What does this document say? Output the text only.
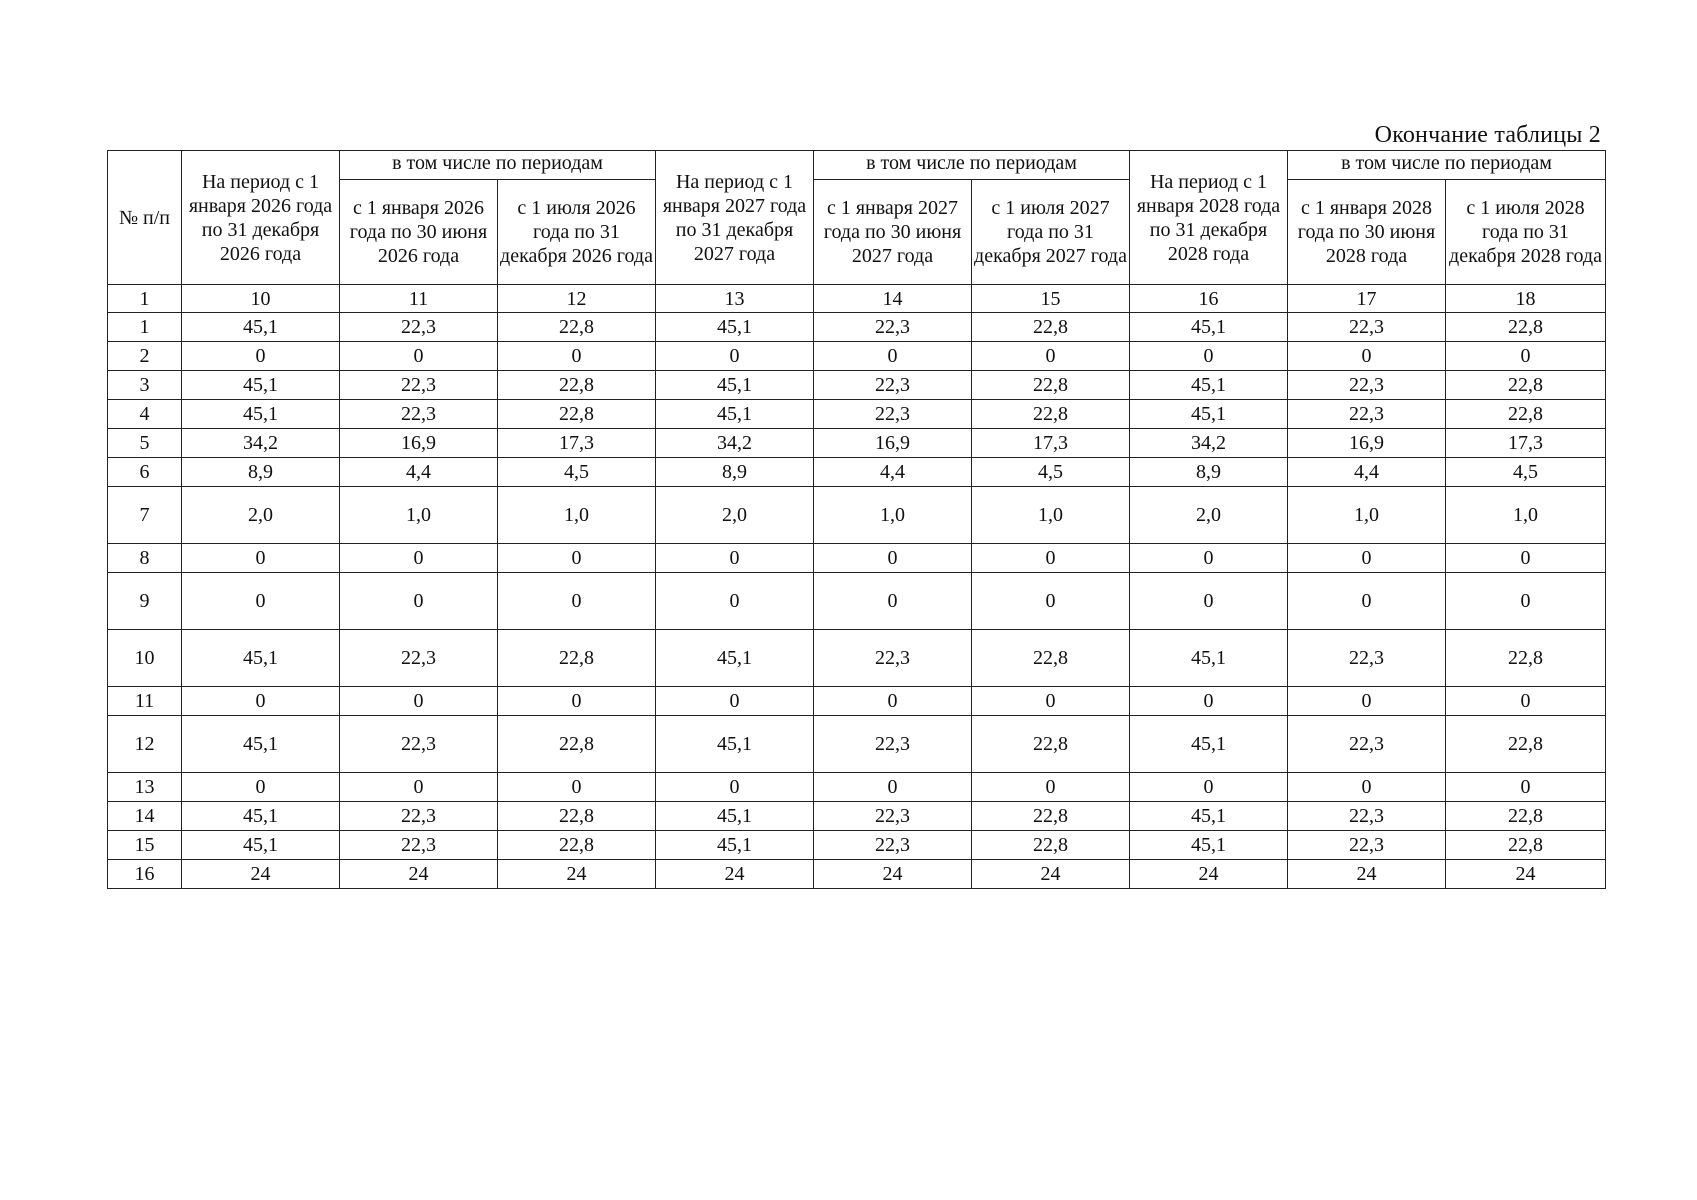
Окончание таблицы 2
№ п/п	На период с 1 января 2026 года по 31 декабря 2026 года	в том числе по периодам		На период с 1 января 2027 года по 31 декабря 2027 года	в том числе по периодам		На период с 1 января 2028 года по 31 декабря 2028 года	в том числе по периодам	
		с 1 января 2026 года по 30 июня 2026 года	с 1 июля 2026 года по 31 декабря 2026 года		с 1 января 2027 года по 30 июня 2027 года	с 1 июля 2027 года по 31 декабря 2027 года		с 1 января 2028 года по 30 июня 2028 года	с 1 июля 2028 года по 31 декабря 2028 года
1	10	11	12	13	14	15	16	17	18
1	45,1	22,3	22,8	45,1	22,3	22,8	45,1	22,3	22,8
2	0	0	0	0	0	0	0	0	0
3	45,1	22,3	22,8	45,1	22,3	22,8	45,1	22,3	22,8
4	45,1	22,3	22,8	45,1	22,3	22,8	45,1	22,3	22,8
5	34,2	16,9	17,3	34,2	16,9	17,3	34,2	16,9	17,3
6	8,9	4,4	4,5	8,9	4,4	4,5	8,9	4,4	4,5
7	2,0	1,0	1,0	2,0	1,0	1,0	2,0	1,0	1,0
8	0	0	0	0	0	0	0	0	0
9	0	0	0	0	0	0	0	0	0
10	45,1	22,3	22,8	45,1	22,3	22,8	45,1	22,3	22,8
11	0	0	0	0	0	0	0	0	0
12	45,1	22,3	22,8	45,1	22,3	22,8	45,1	22,3	22,8
13	0	0	0	0	0	0	0	0	0
14	45,1	22,3	22,8	45,1	22,3	22,8	45,1	22,3	22,8
15	45,1	22,3	22,8	45,1	22,3	22,8	45,1	22,3	22,8
16	24	24	24	24	24	24	24	24	24
